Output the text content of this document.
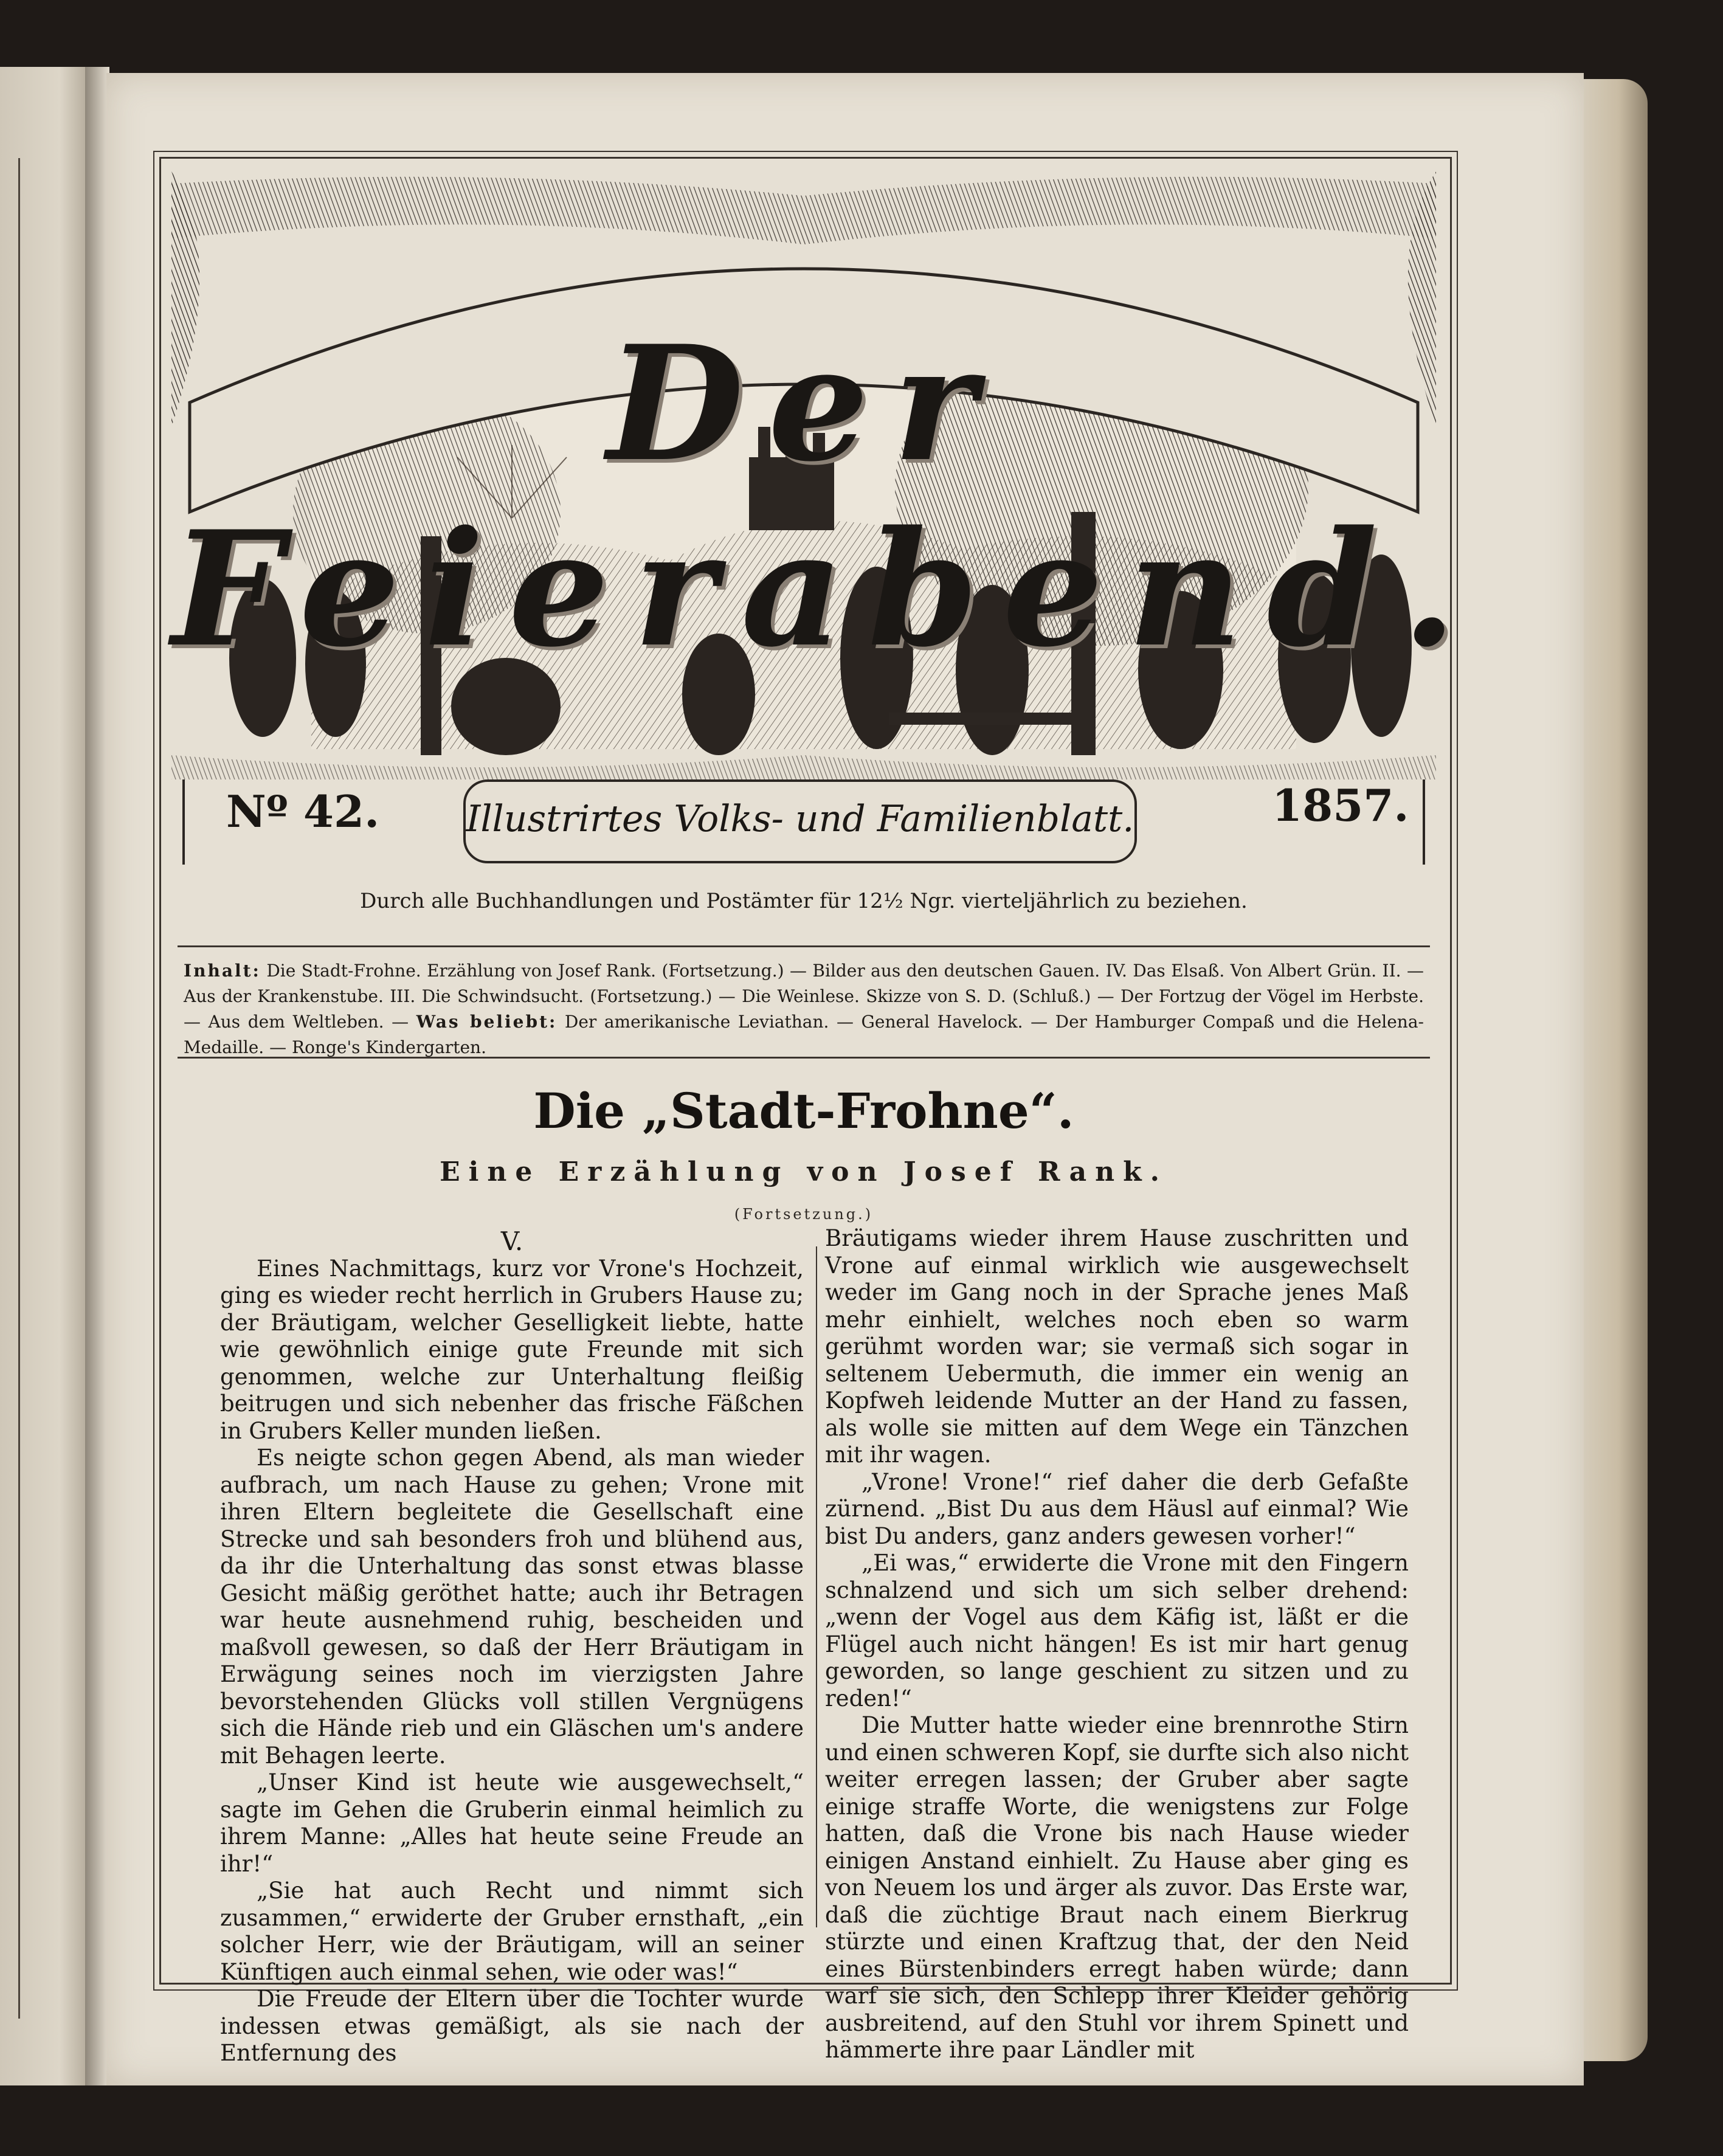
Der Feierabend.
Nº 42. Illustrirtes Volks- und Familienblatt.	1857.
Durch alle Buchhandlungen und Postämter für 12½ Ngr. vierteljährlich zu beziehen.

Inhalt: Die Stadt-Frohne. Erzählung von Josef Rank. (Fortsetzung.) — Bilder aus den deutschen Gauen. IV. Das Elsaß. Von Albert Grün. II. — Aus der Krankenstube. III. Die Schwindsucht. (Fortsetzung.) — Die Weinlese. Skizze von S. D. (Schluß.) — Der Fortzug der Vögel im Herbste. — Aus dem Weltleben. — Was beliebt: Der amerikanische Leviathan. — General Havelock. — Der Hamburger Compaß und die Helena-Medaille. — Ronge's Kindergarten.

Die „Stadt-Frohne“.

Eine Erzählung von Josef Rank.

(Fortsetzung.)

V.

Eines Nachmittags, kurz vor Vrone's Hochzeit, ging es wieder recht herrlich in Grubers Hause zu; der Bräutigam, welcher Geselligkeit liebte, hatte wie gewöhnlich einige gute Freunde mit sich genommen, welche zur Unterhaltung fleißig beitrugen und sich nebenher das frische Fäßchen in Grubers Keller munden ließen.

Es neigte schon gegen Abend, als man wieder aufbrach, um nach Hause zu gehen; Vrone mit ihren Eltern begleitete die Gesellschaft eine Strecke und sah besonders froh und blühend aus, da ihr die Unterhaltung das sonst etwas blasse Gesicht mäßig geröthet hatte; auch ihr Betragen war heute ausnehmend ruhig, bescheiden und maßvoll gewesen, so daß der Herr Bräutigam in Erwägung seines noch im vierzigsten Jahre bevorstehenden Glücks voll stillen Vergnügens sich die Hände rieb und ein Gläschen um's andere mit Behagen leerte.

„Unser Kind ist heute wie ausgewechselt,“ sagte im Gehen die Gruberin einmal heimlich zu ihrem Manne: „Alles hat heute seine Freude an ihr!“

„Sie hat auch Recht und nimmt sich zusammen,“ erwiderte der Gruber ernsthaft, „ein solcher Herr, wie der Bräutigam, will an seiner Künftigen auch einmal sehen, wie oder was!“

Die Freude der Eltern über die Tochter wurde indessen etwas gemäßigt, als sie nach der Entfernung des

Bräutigams wieder ihrem Hause zuschritten und Vrone auf einmal wirklich wie ausgewechselt weder im Gang noch in der Sprache jenes Maß mehr einhielt, welches noch eben so warm gerühmt worden war; sie vermaß sich sogar in seltenem Uebermuth, die immer ein wenig an Kopfweh leidende Mutter an der Hand zu fassen, als wolle sie mitten auf dem Wege ein Tänzchen mit ihr wagen.

„Vrone! Vrone!“ rief daher die derb Gefaßte zürnend. „Bist Du aus dem Häusl auf einmal? Wie bist Du anders, ganz anders gewesen vorher!“

„Ei was,“ erwiderte die Vrone mit den Fingern schnalzend und sich um sich selber drehend: „wenn der Vogel aus dem Käfig ist, läßt er die Flügel auch nicht hängen! Es ist mir hart genug geworden, so lange geschient zu sitzen und zu reden!“

Die Mutter hatte wieder eine brennrothe Stirn und einen schweren Kopf, sie durfte sich also nicht weiter erregen lassen; der Gruber aber sagte einige straffe Worte, die wenigstens zur Folge hatten, daß die Vrone bis nach Hause wieder einigen Anstand einhielt. Zu Hause aber ging es von Neuem los und ärger als zuvor. Das Erste war, daß die züchtige Braut nach einem Bierkrug stürzte und einen Kraftzug that, der den Neid eines Bürstenbinders erregt haben würde; dann warf sie sich, den Schlepp ihrer Kleider gehörig ausbreitend, auf den Stuhl vor ihrem Spinett und hämmerte ihre paar Ländler mit
